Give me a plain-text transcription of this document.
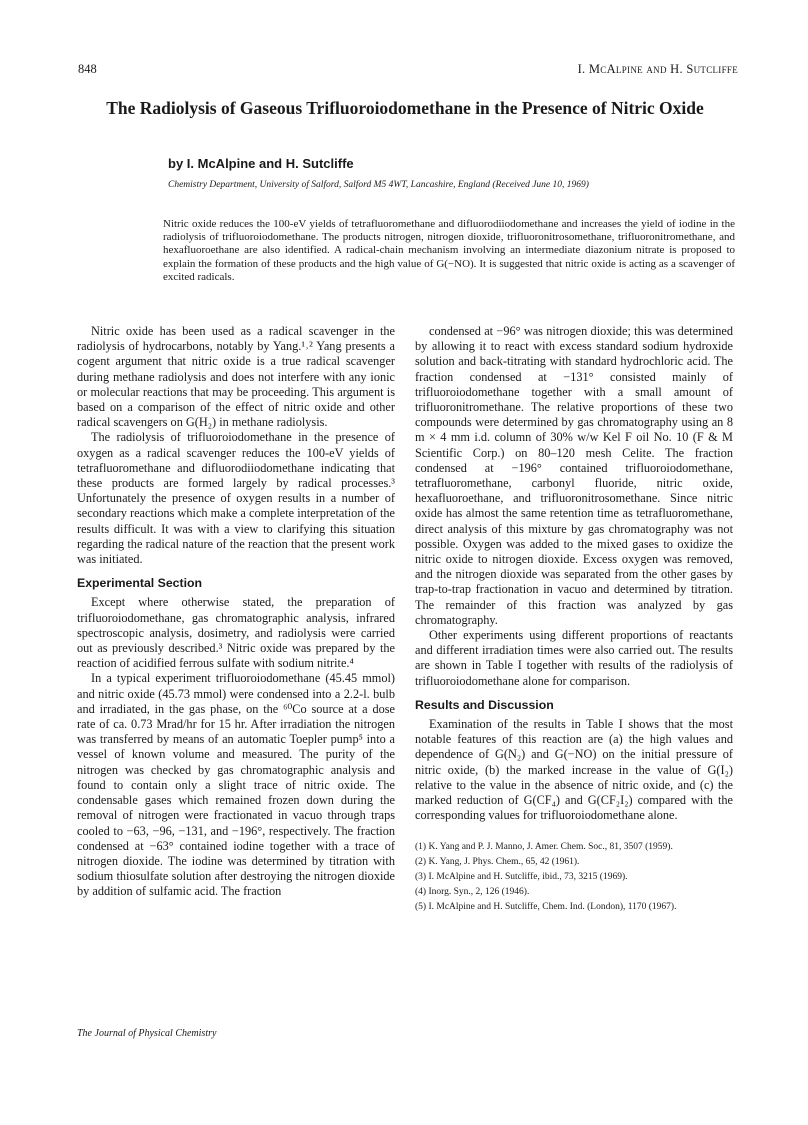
848	I. McAlpine and H. Sutcliffe
The Radiolysis of Gaseous Trifluoroiodomethane in the Presence of Nitric Oxide
by I. McAlpine and H. Sutcliffe
Chemistry Department, University of Salford, Salford M5 4WT, Lancashire, England (Received June 10, 1969)
Nitric oxide reduces the 100-eV yields of tetrafluoromethane and difluorodiiodomethane and increases the yield of iodine in the radiolysis of trifluoroiodomethane. The products nitrogen, nitrogen dioxide, trifluoronitrosomethane, trifluoronitromethane, and hexafluoroethane are also identified. A radical-chain mechanism involving an intermediate diazonium nitrate is proposed to explain the formation of these products and the high value of G(−NO). It is suggested that nitric oxide is acting as a scavenger of excited radicals.

Nitric oxide has been used as a radical scavenger in the radiolysis of hydrocarbons, notably by Yang.¹˒² Yang presents a cogent argument that nitric oxide is a true radical scavenger during methane radiolysis and does not interfere with any ionic or molecular reactions that may be proceeding. This argument is based on a comparison of the effect of nitric oxide and other radical scavengers on G(H₂) in methane radiolysis.

The radiolysis of trifluoroiodomethane in the presence of oxygen as a radical scavenger reduces the 100-eV yields of tetrafluoromethane and difluorodiiodomethane indicating that these products are formed largely by radical processes.³ Unfortunately the presence of oxygen results in a number of secondary reactions which make a complete interpretation of the results difficult. It was with a view to clarifying this situation regarding the radical nature of the reaction that the present work was initiated.

Experimental Section

Except where otherwise stated, the preparation of trifluoroiodomethane, gas chromatographic analysis, infrared spectroscopic analysis, dosimetry, and radiolysis were carried out as previously described.³ Nitric oxide was prepared by the reaction of acidified ferrous sulfate with sodium nitrite.⁴

In a typical experiment trifluoroiodomethane (45.45 mmol) and nitric oxide (45.73 mmol) were condensed into a 2.2-l. bulb and irradiated, in the gas phase, on the ⁶⁰Co source at a dose rate of ca. 0.73 Mrad/hr for 15 hr. After irradiation the nitrogen was transferred by means of an automatic Toepler pump⁵ into a vessel of known volume and measured. The purity of the nitrogen was checked by gas chromatographic analysis and found to contain only a slight trace of nitric oxide. The condensable gases which remained frozen down during the removal of nitrogen were fractionated in vacuo through traps cooled to −63, −96, −131, and −196°, respectively. The fraction condensed at −63° contained iodine together with a trace of nitrogen dioxide. The iodine was determined by titration with sodium thiosulfate solution after destroying the nitrogen dioxide by addition of sulfamic acid. The fraction

condensed at −96° was nitrogen dioxide; this was determined by allowing it to react with excess standard sodium hydroxide solution and back-titrating with standard hydrochloric acid. The fraction condensed at −131° consisted mainly of trifluoroiodomethane together with a small amount of trifluoronitromethane. The relative proportions of these two compounds were determined by gas chromatography using an 8 m × 4 mm i.d. column of 30% w/w Kel F oil No. 10 (F & M Scientific Corp.) on 80–120 mesh Celite. The fraction condensed at −196° contained trifluoroiodomethane, tetrafluoromethane, carbonyl fluoride, nitric oxide, hexafluoroethane, and trifluoronitrosomethane. Since nitric oxide has almost the same retention time as tetrafluoromethane, direct analysis of this mixture by gas chromatography was not possible. Oxygen was added to the mixed gases to oxidize the nitric oxide to nitrogen dioxide. Excess oxygen was removed, and the nitrogen dioxide was separated from the other gases by trap-to-trap fractionation in vacuo and determined by titration. The remainder of this fraction was analyzed by gas chromatography.

Other experiments using different proportions of reactants and different irradiation times were also carried out. The results are shown in Table I together with results of the radiolysis of trifluoroiodomethane alone for comparison.

Results and Discussion

Examination of the results in Table I shows that the most notable features of this reaction are (a) the high values and dependence of G(N₂) and G(−NO) on the initial pressure of nitric oxide, (b) the marked increase in the value of G(I₂) relative to the value in the absence of nitric oxide, and (c) the marked reduction of G(CF₄) and G(CF₂I₂) compared with the corresponding values for trifluoroiodomethane alone.

(1) K. Yang and P. J. Manno, J. Amer. Chem. Soc., 81, 3507 (1959).
(2) K. Yang, J. Phys. Chem., 65, 42 (1961).
(3) I. McAlpine and H. Sutcliffe, ibid., 73, 3215 (1969).
(4) Inorg. Syn., 2, 126 (1946).
(5) I. McAlpine and H. Sutcliffe, Chem. Ind. (London), 1170 (1967).
The Journal of Physical Chemistry
